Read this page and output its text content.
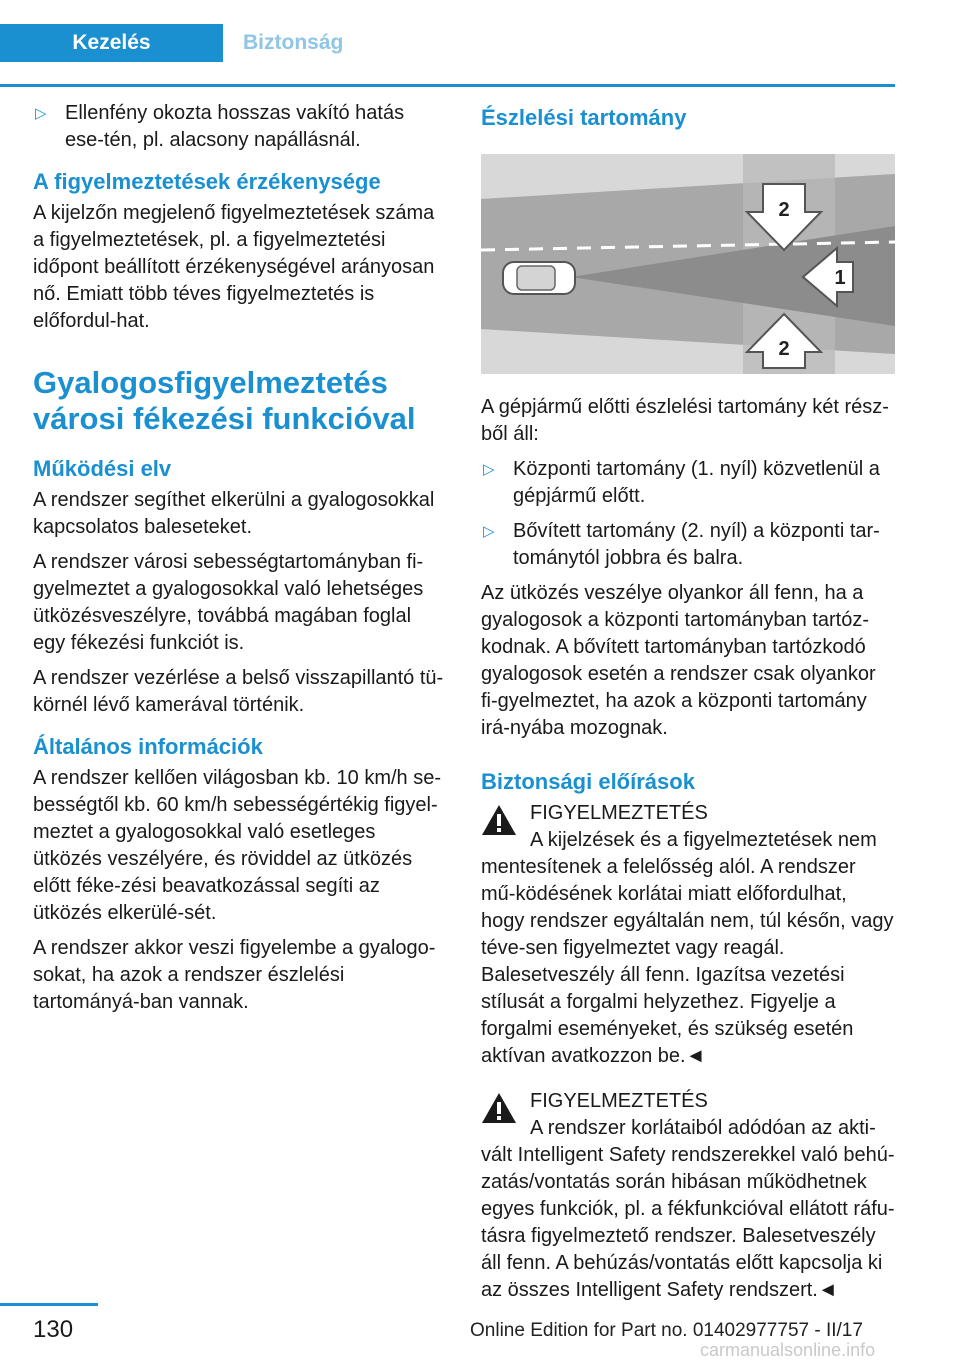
Kezelés	Biztonság
▷ Ellenfény okozta hosszas vakító hatás ese‐tén, pl. alacsony napállásnál.
A figyelmeztetések érzékenysége

A kijelzőn megjelenő figyelmeztetések száma a figyelmeztetések, pl. a figyelmeztetési időpont beállított érzékenységével arányosan nő. Emiatt több téves figyelmeztetés is előfordul‐hat.

Gyalogosfigyelmeztetés városi fékezési funkcióval
Működési elv

A rendszer segíthet elkerülni a gyalogosokkal kapcsolatos baleseteket.

A rendszer városi sebességtartományban fi‐gyelmeztet a gyalogosokkal való lehetséges ütközésveszélyre, továbbá magában foglal egy fékezési funkciót is.

A rendszer vezérlése a belső visszapillantó tü‐körnél lévő kamerával történik.

Általános információk

A rendszer kellően világosban kb. 10 km/h se‐bességtől kb. 60 km/h sebességértékig figyel‐meztet a gyalogosokkal való esetleges ütközés veszélyére, és röviddel az ütközés előtt féke‐zési beavatkozással segíti az ütközés elkerülé‐sét.

A rendszer akkor veszi figyelembe a gyalogo‐sokat, ha azok a rendszer észlelési tartományá‐ban vannak.

Észlelési tartomány
2
1
2

A gépjármű előtti észlelési tartomány két rész‐ből áll:

▷ Központi tartomány (1. nyíl) közvetlenül a gépjármű előtt.
▷ Bővített tartomány (2. nyíl) a központi tar‐tománytól jobbra és balra.

Az ütközés veszélye olyankor áll fenn, ha a gyalogosok a központi tartományban tartóz‐kodnak. A bővített tartományban tartózkodó gyalogosok esetén a rendszer csak olyankor fi‐gyelmeztet, ha azok a központi tartomány irá‐nyába mozognak.

Biztonsági előírások
FIGYELMEZTETÉS
A kijelzések és a figyelmeztetések nem
mentesítenek a felelősség alól. A rendszer mű‐ködésének korlátai miatt előfordulhat, hogy rendszer egyáltalán nem, túl későn, vagy téve‐sen figyelmeztet vagy reagál. Balesetveszély áll fenn. Igazítsa vezetési stílusát a forgalmi helyzethez. Figyelje a forgalmi eseményeket, és szükség esetén aktívan avatkozzon be.◄
FIGYELMEZTETÉS
A rendszer korlátaiból adódóan az akti‐
vált Intelligent Safety rendszerekkel való behú‐zatás/vontatás során hibásan működhetnek egyes funkciók, pl. a fékfunkcióval ellátott ráfu‐tásra figyelmeztető rendszer. Balesetveszély áll fenn. A behúzás/vontatás előtt kapcsolja ki az összes Intelligent Safety rendszert.◄
130	Online Edition for Part no. 01402977757 - II/17
carmanualsonline.info
